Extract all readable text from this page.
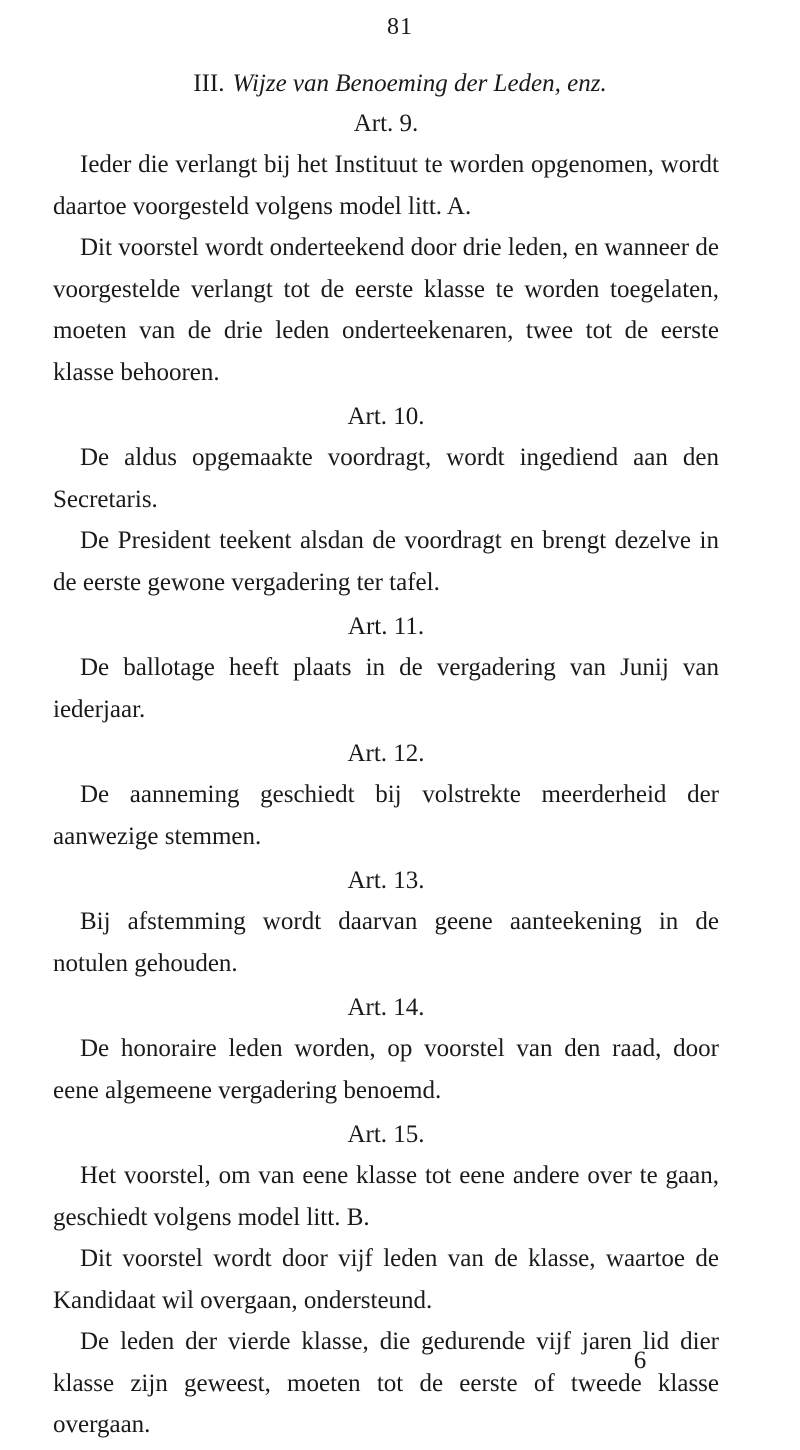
81
III. Wijze van Benoeming der Leden, enz.
Art. 9.

Ieder die verlangt bij het Instituut te worden opgenomen, wordt daartoe voorgesteld volgens model litt. A.

Dit voorstel wordt onderteekend door drie leden, en wanneer de voorgestelde verlangt tot de eerste klasse te worden toegelaten, moeten van de drie leden onderteekenaren, twee tot de eerste klasse behooren.

Art. 10.

De aldus opgemaakte voordragt, wordt ingediend aan den Secretaris.

De President teekent alsdan de voordragt en brengt dezelve in de eerste gewone vergadering ter tafel.

Art. 11.

De ballotage heeft plaats in de vergadering van Junij van iederjaar.

Art. 12.

De aanneming geschiedt bij volstrekte meerderheid der aanwezige stemmen.

Art. 13.

Bij afstemming wordt daarvan geene aanteekening in de notulen gehouden.

Art. 14.

De honoraire leden worden, op voorstel van den raad, door eene algemeene vergadering benoemd.

Art. 15.

Het voorstel, om van eene klasse tot eene andere over te gaan, geschiedt volgens model litt. B.

Dit voorstel wordt door vijf leden van de klasse, waartoe de Kandidaat wil overgaan, ondersteund.

De leden der vierde klasse, die gedurende vijf jaren lid dier klasse zijn geweest, moeten tot de eerste of tweede klasse overgaan.

6
